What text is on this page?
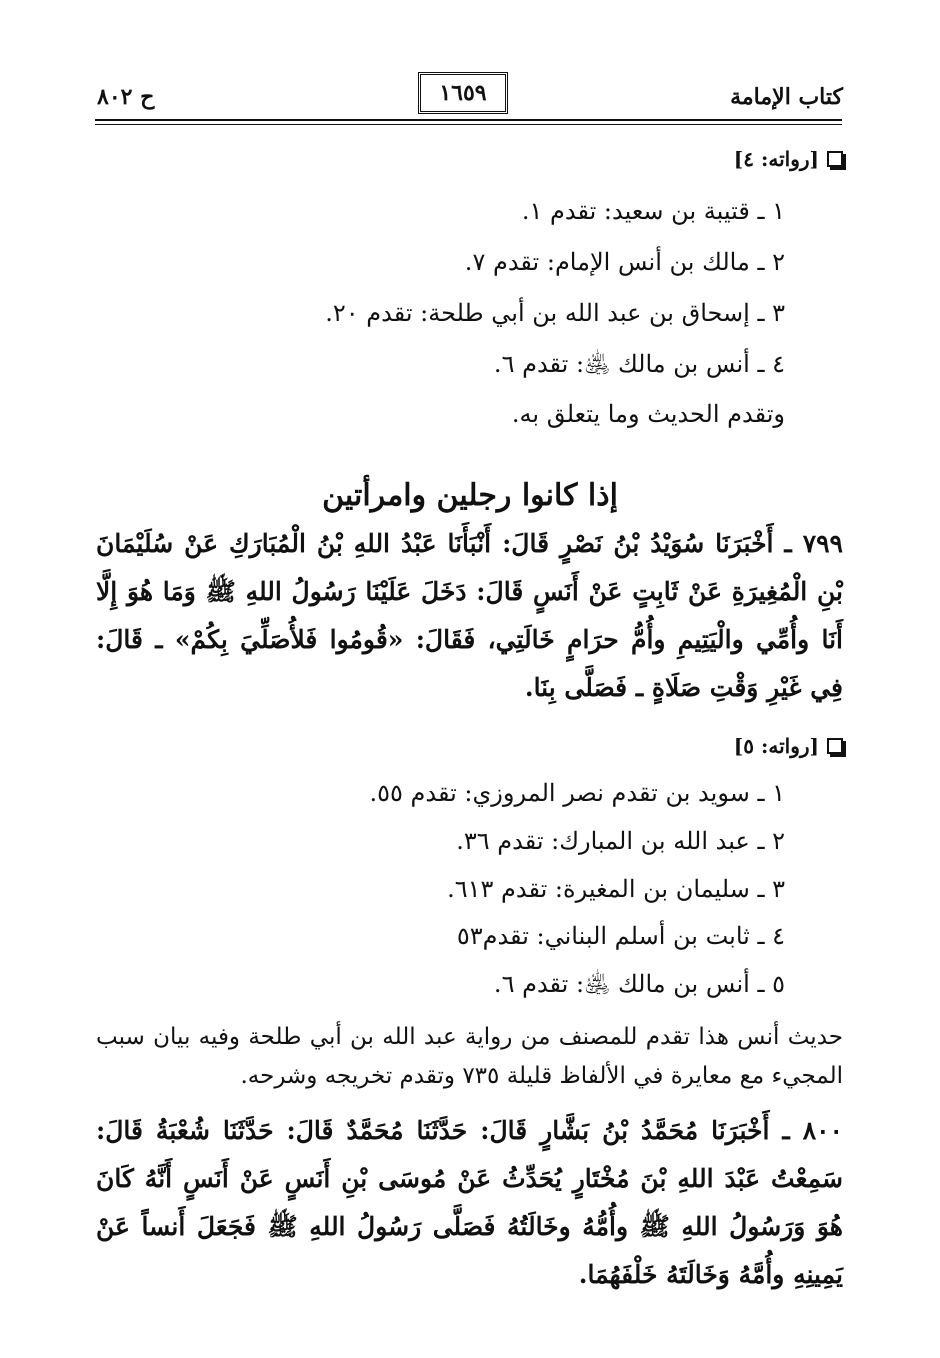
كتاب الإمامة
١٦٥٩
ح ٨٠٢
[رواته: ٤]
١ ـ قتيبة بن سعيد: تقدم ١.
٢ ـ مالك بن أنس الإمام: تقدم ٧.
٣ ـ إسحاق بن عبد الله بن أبي طلحة: تقدم ٢٠.
٤ ـ أنس بن مالك ﵁: تقدم ٦.
وتقدم الحديث وما يتعلق به.
إذا كانوا رجلين وامرأتين
٧٩٩ ـ أَخْبَرَنَا سُوَيْدُ بْنُ نَصْرٍ قَالَ: أَنْبَأَنَا عَبْدُ اللهِ بْنُ الْمُبَارَكِ عَنْ سُلَيْمَانَ بْنِ الْمُغِيرَةِ عَنْ ثَابِتٍ عَنْ أَنَسٍ قَالَ: دَخَلَ عَلَيْنَا رَسُولُ اللهِ ﷺ وَمَا هُوَ إِلَّا أَنَا وأُمِّي والْيَتِيمِ وأُمُّ حرَامٍ خَالَتِي، فَقَالَ: «قُومُوا فَلأُصَلِّيَ بِكُمْ» ـ قَالَ: فِي غَيْرِ وَقْتِ صَلَاةٍ ـ فَصَلَّى بِنَا.
[رواته: ٥]
١ ـ سويد بن تقدم نصر المروزي: تقدم ٥٥.
٢ ـ عبد الله بن المبارك: تقدم ٣٦.
٣ ـ سليمان بن المغيرة: تقدم ٦١٣.
٤ ـ ثابت بن أسلم البناني: تقدم٥٣
٥ ـ أنس بن مالك ﵁: تقدم ٦.
حديث أنس هذا تقدم للمصنف من رواية عبد الله بن أبي طلحة وفيه بيان سبب المجيء مع معايرة في الألفاظ قليلة ٧٣٥ وتقدم تخريجه وشرحه.
٨٠٠ ـ أَخْبَرَنَا مُحَمَّدُ بْنُ بَشَّارٍ قَالَ: حَدَّثَنَا مُحَمَّدٌ قَالَ: حَدَّثَنَا شُعْبَةُ قَالَ: سَمِعْتُ عَبْدَ اللهِ بْنَ مُخْتَارٍ يُحَدِّثُ عَنْ مُوسَى بْنِ أَنَسٍ عَنْ أَنَسٍ أَنَّهُ كَانَ هُوَ وَرَسُولُ اللهِ ﷺ وأُمُّهُ وخَالَتُهُ فَصَلَّى رَسُولُ اللهِ ﷺ فَجَعَلَ أَنساً عَنْ يَمِينِهِ وأُمَّهُ وَخَالَتَهُ خَلْفَهُمَا.
